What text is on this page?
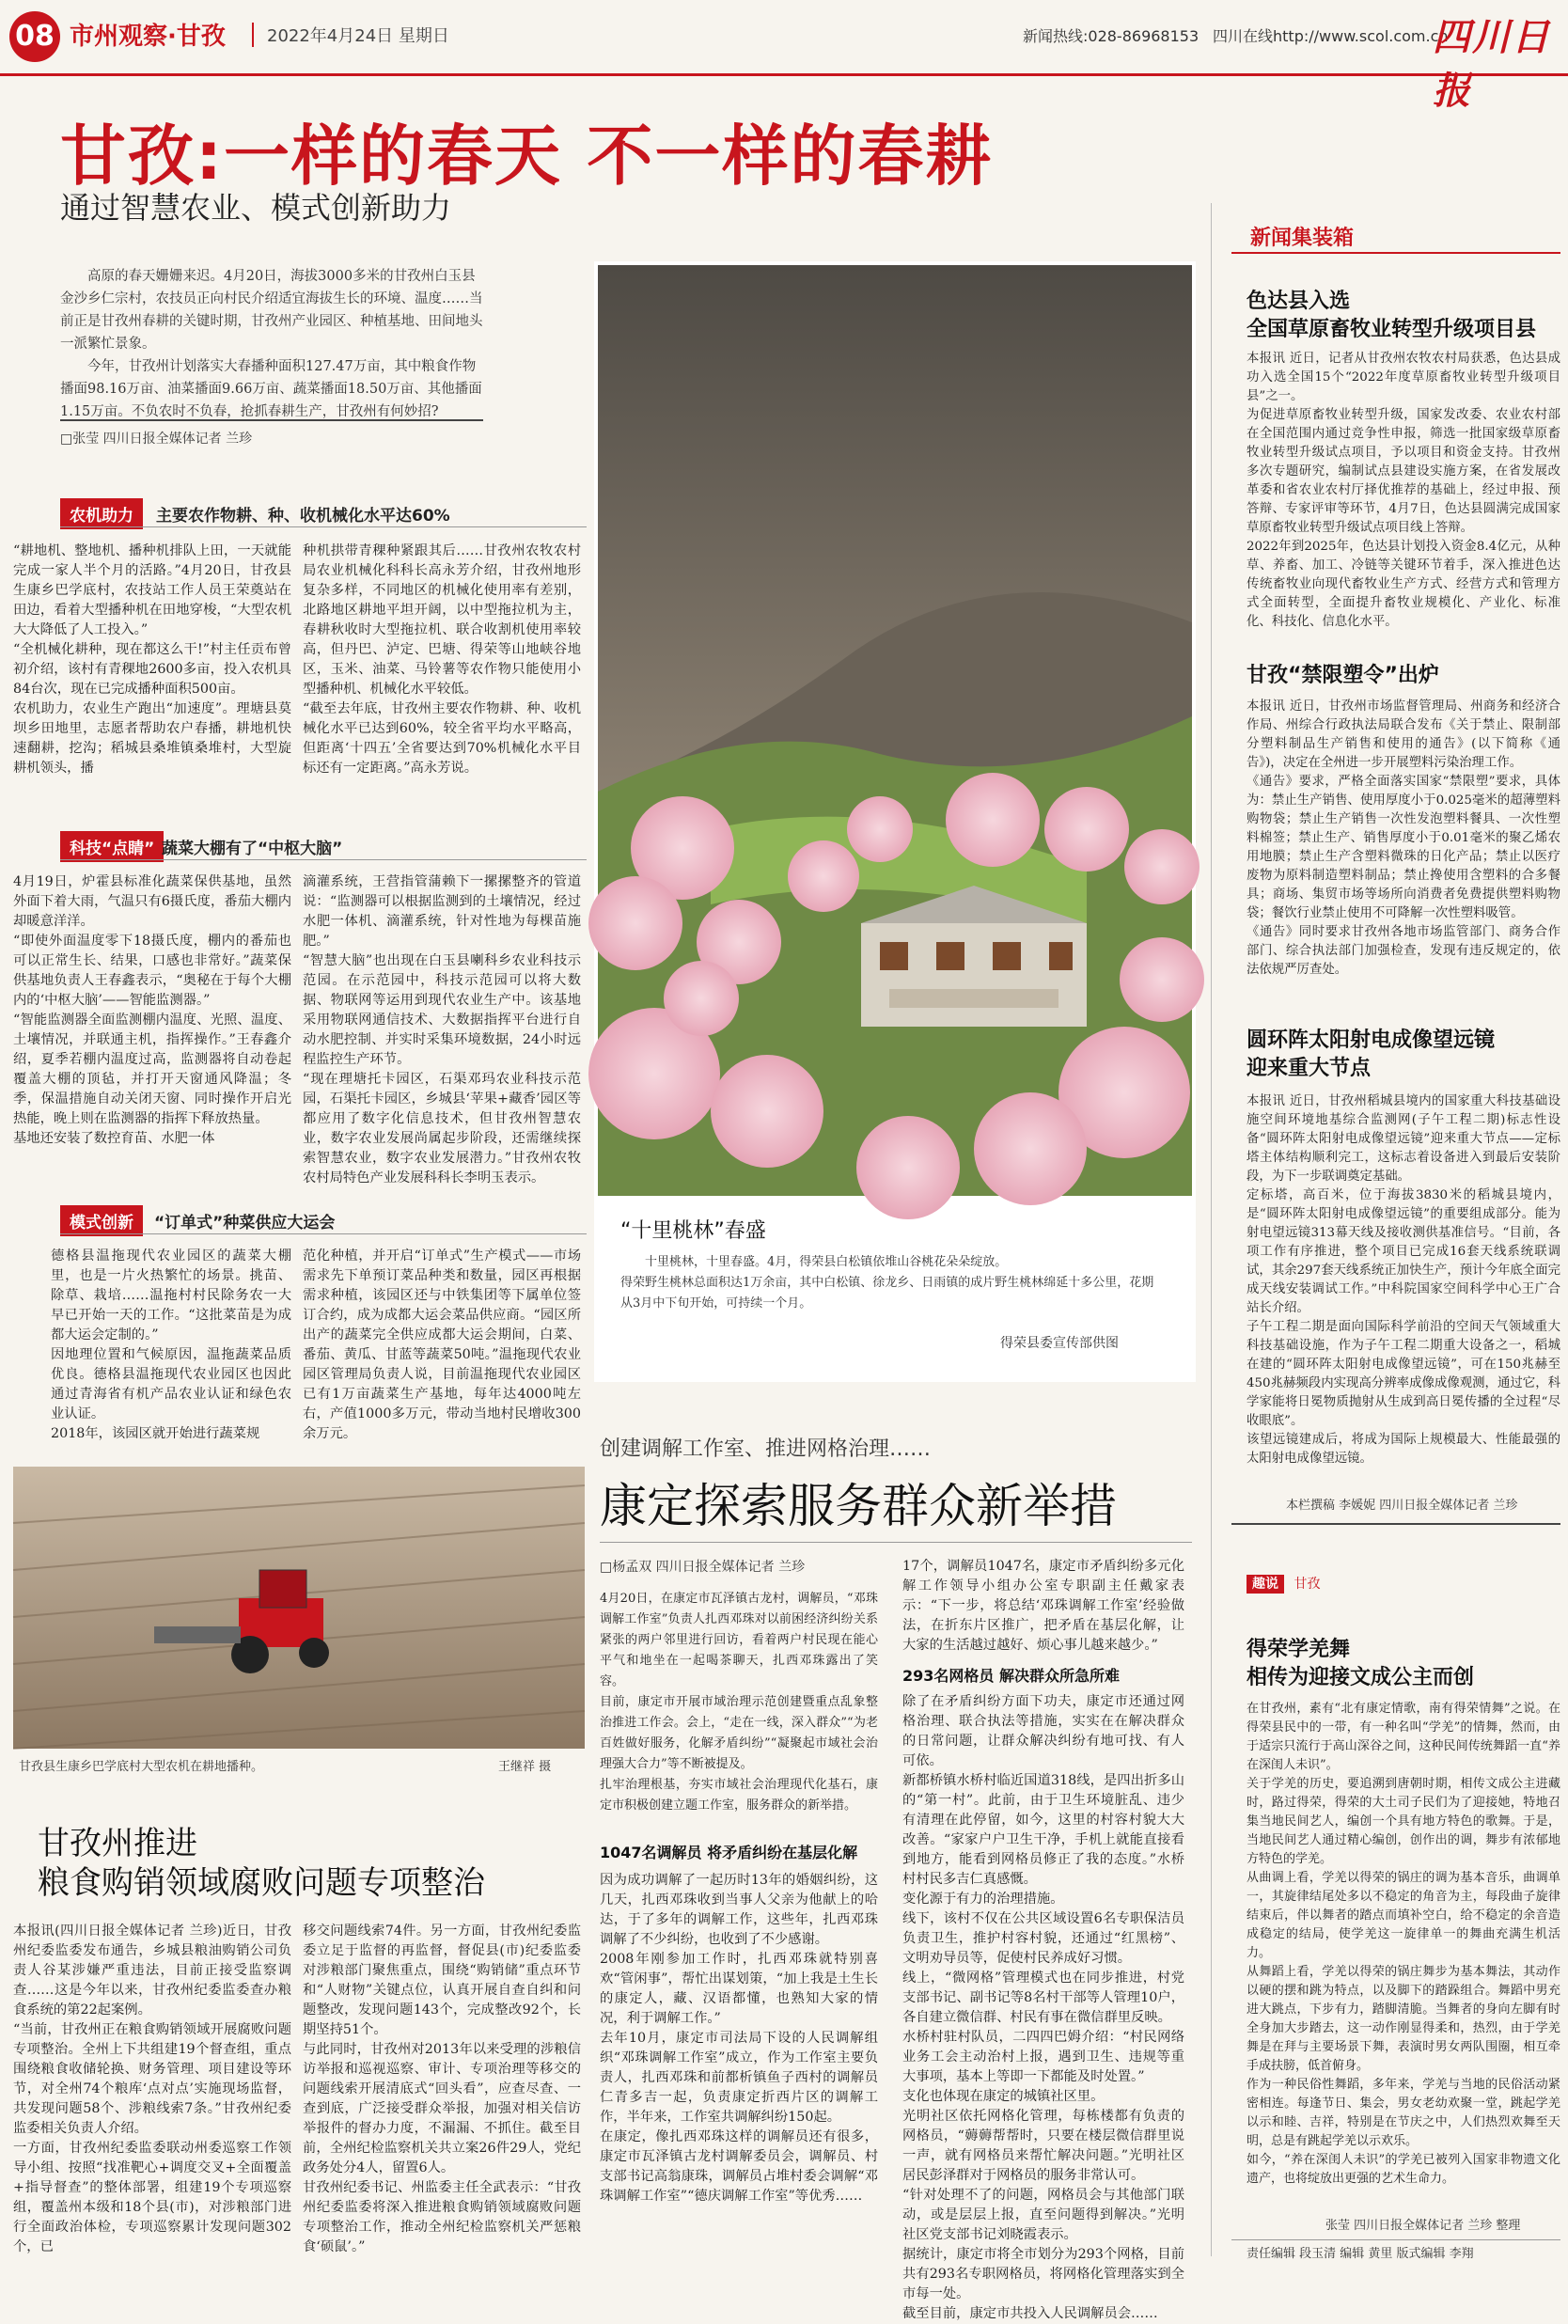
08 市州观察·甘孜	2022年4月24日 星期日	新闻热线:028-86968153 四川在线http://www.scol.com.cn
四川日报
甘孜:一样的春天 不一样的春耕
通过智慧农业、模式创新助力

高原的春天姗姗来迟。4月20日，海拔3000多米的甘孜州白玉县金沙乡仁宗村，农技员正向村民介绍适宜海拔生长的环境、温度……当前正是甘孜州春耕的关键时期，甘孜州产业园区、种植基地、田间地头一派繁忙景象。

今年，甘孜州计划落实大春播种面积127.47万亩，其中粮食作物播面98.16万亩、油菜播面9.66万亩、蔬菜播面18.50万亩、其他播面1.15万亩。不负农时不负春，抢抓春耕生产，甘孜州有何妙招?

□张莹 四川日报全媒体记者 兰珍
农机助力 主要农作物耕、种、收机械化水平达60%
“耕地机、整地机、播种机排队上田，一天就能完成一家人半个月的活路。”4月20日，甘孜县生康乡巴学底村，农技站工作人员王荣奠站在田边，看着大型播种机在田地穿梭，“大型农机大大降低了人工投入。”
“全机械化耕种，现在都这么干!”村主任贡布曾初介绍，该村有青稞地2600多亩，投入农机具84台次，现在已完成播种面积500亩。
农机助力，农业生产跑出“加速度”。理塘县莫坝乡田地里，志愿者帮助农户春播，耕地机快速翻耕，挖沟；稻城县桑堆镇桑堆村，大型旋耕机领头，播
种机拱带青稞种紧跟其后……甘孜州农牧农村局农业机械化科科长高永芳介绍，甘孜州地形复杂多样，不同地区的机械化使用率有差别，北路地区耕地平坦开阔，以中型拖拉机为主，春耕秋收时大型拖拉机、联合收割机使用率较高，但丹巴、泸定、巴塘、得荣等山地峡谷地区，玉米、油菜、马铃薯等农作物只能使用小型播种机、机械化水平较低。
“截至去年底，甘孜州主要农作物耕、种、收机械化水平已达到60%，较全省平均水平略高，但距离‘十四五’全省要达到70%机械化水平目标还有一定距离。”高永芳说。
科技“点睛” 蔬菜大棚有了“中枢大脑”
4月19日，炉霍县标准化蔬菜保供基地，虽然外面下着大雨，气温只有6摄氏度，番茄大棚内却暖意洋洋。
“即使外面温度零下18摄氏度，棚内的番茄也可以正常生长、结果，口感也非常好。”蔬菜保供基地负责人王春鑫表示，“奥秘在于每个大棚内的‘中枢大脑’——智能监测器。”
“智能监测器全面监测棚内温度、光照、温度、土壤情况，并联通主机，指挥操作。”王春鑫介绍，夏季若棚内温度过高，监测器将自动卷起覆盖大棚的顶毡，并打开天窗通风降温；冬季，保温措施自动关闭天窗、同时操作开启光热能，晚上则在监测器的指挥下释放热量。
基地还安装了数控育苗、水肥一体
滴灌系统，王营指管蒲赖下一摞摞整齐的管道说：“监测器可以根据监测到的土壤情况，经过水肥一体机、滴灌系统，针对性地为每棵苗施肥。”
“智慧大脑”也出现在白玉县喇科乡农业科技示范园。在示范园中，科技示范园可以将大数据、物联网等运用到现代农业生产中。该基地采用物联网通信技术、大数据指挥平台进行自动水肥控制、并实时采集环境数据，24小时远程监控生产环节。
“现在理塘托卡园区，石渠邓玛农业科技示范园，石渠托卡园区，乡城县‘苹果+藏香’园区等都应用了数字化信息技术，但甘孜州智慧农业，数字农业发展尚属起步阶段，还需继续探索智慧农业，数字农业发展潜力。”甘孜州农牧农村局特色产业发展科科长李明玉表示。
模式创新 “订单式”种菜供应大运会
德格县温拖现代农业园区的蔬菜大棚里，也是一片火热繁忙的场景。挑苗、除草、栽培……温拖村村民除务农一大早已开始一天的工作。“这批菜苗是为成都大运会定制的。”
因地理位置和气候原因，温拖蔬菜品质优良。德格县温拖现代农业园区也因此通过青海省有机产品农业认证和绿色农业认证。
2018年，该园区就开始进行蔬菜规
范化种植，并开启“订单式”生产模式——市场需求先下单预订菜品种类和数量，园区再根据需求种植，该园区还与中铁集团等下属单位签订合约，成为成都大运会菜品供应商。“园区所出产的蔬菜完全供应成都大运会期间，白菜、番茄、黄瓜、甘蓝等蔬菜50吨。”温拖现代农业园区管理局负责人说，目前温拖现代农业园区已有1万亩蔬菜生产基地，每年达4000吨左右，产值1000多万元，带动当地村民增收300余万元。
甘孜县生康乡巴学底村大型农机在耕地播种。	王继祥 摄
甘孜州推进
粮食购销领域腐败问题专项整治
本报讯(四川日报全媒体记者 兰珍)近日，甘孜州纪委监委发布通告，乡城县粮油购销公司负责人谷某涉嫌严重违法，目前正接受监察调查……这是今年以来，甘孜州纪委监委查办粮食系统的第22起案例。
“当前，甘孜州正在粮食购销领域开展腐败问题专项整治。全州上下共组建19个督查组，重点围绕粮食收储轮换、财务管理、项目建设等环节，对全州74个粮库‘点对点’实施现场监督，共发现问题58个、涉粮线索7条。”甘孜州纪委监委相关负责人介绍。
一方面，甘孜州纪委监委联动州委巡察工作领导小组、按照“找准靶心+调度交叉+全面覆盖+指导督查”的整体部署，组建19个专项巡察组，覆盖州本级和18个县(市)，对涉粮部门进行全面政治体检，专项巡察累计发现问题302个，已
移交问题线索74件。另一方面，甘孜州纪委监委立足于监督的再监督，督促县(市)纪委监委对涉粮部门聚焦重点，围绕“购销储”重点环节和“人财物”关键点位，认真开展自查自纠和问题整改，发现问题143个，完成整改92个，长期坚持51个。
与此同时，甘孜州对2013年以来受理的涉粮信访举报和巡视巡察、审计、专项治理等移交的问题线索开展清底式“回头看”，应查尽查、一查到底，广泛接受群众举报，加强对相关信访举报件的督办力度，不漏漏、不抓住。截至目前，全州纪检监察机关共立案26件29人，党纪政务处分4人，留置6人。
甘孜州纪委书记、州监委主任全武表示：“甘孜州纪委监委将深入推进粮食购销领域腐败问题专项整治工作，推动全州纪检监察机关严惩粮食‘硕鼠’。”
“十里桃林”春盛
十里桃林，十里春盛。4月，得荣县白松镇依堆山谷桃花朵朵绽放。
得荣野生桃林总面积达1万余亩，其中白松镇、徐龙乡、日雨镇的成片野生桃林绵延十多公里，花期从3月中下旬开始，可持续一个月。
得荣县委宣传部供图
创建调解工作室、推进网格治理……
康定探索服务群众新举措
□杨孟双 四川日报全媒体记者 兰珍
4月20日，在康定市瓦泽镇古龙村，调解员，“邓珠调解工作室”负责人扎西邓珠对以前困经济纠纷关系紧张的两户邻里进行回访，看着两户村民现在能心平气和地坐在一起喝茶聊天，扎西邓珠露出了笑容。
目前，康定市开展市域治理示范创建暨重点乱象整治推进工作会。会上，“走在一线，深入群众”“为老百姓做好服务，化解矛盾纠纷”“凝聚起市域社会治理强大合力”等不断被提及。
扎牢治理根基，夯实市域社会治理现代化基石，康定市积极创建立题工作室，服务群众的新举措。
1047名调解员 将矛盾纠纷在基层化解
因为成功调解了一起历时13年的婚姻纠纷，这几天，扎西邓珠收到当事人父亲为他献上的哈达，于了多年的调解工作，这些年，扎西邓珠调解了不少纠纷，也收到了不少感谢。
2008年刚参加工作时，扎西邓珠就特别喜欢“管闲事”，帮忙出谋划策，“加上我是土生长的康定人，藏、汉语都懂，也熟知大家的情况，利于调解工作。”
去年10月，康定市司法局下设的人民调解组织“邓珠调解工作室”成立，作为工作室主要负责人，扎西邓珠和前都析镇鱼子西村的调解员仁青多吉一起，负责康定折西片区的调解工作，半年来，工作室共调解纠纷150起。
在康定，像扎西邓珠这样的调解员还有很多，康定市瓦泽镇古龙村调解委员会，调解员、村支部书记高翁康珠，调解员占堆村委会调解“邓珠调解工作室”“德庆调解工作室”等优秀……
17个，调解员1047名，康定市矛盾纠纷多元化解工作领导小组办公室专职副主任戴家表示：“下一步，将总结‘邓珠调解工作室’经验做法，在折东片区推广，把矛盾在基层化解，让大家的生活越过越好、烦心事儿越来越少。”
293名网格员 解决群众所急所难
除了在矛盾纠纷方面下功夫，康定市还通过网格治理、联合执法等措施，实实在在解决群众的日常问题，让群众解决纠纷有地可找、有人可依。
新都桥镇水桥村临近国道318线，是四出折多山的“第一村”。此前，由于卫生环境脏乱、违少有清理在此停留，如今，这里的村容村貌大大改善。“家家户户卫生干净，手机上就能直接看到地方，能看到网格员修正了我的态度。”水桥村村民多吉仁真感慨。
变化源于有力的治理措施。
线下，该村不仅在公共区域设置6名专职保洁员负责卫生，推护村容村貌，还通过“红黑榜”、文明劝导员等，促使村民养成好习惯。
线上，“微网格”管理模式也在同步推进，村党支部书记、副书记等8名村干部等人管理10户，各自建立微信群、村民有事在微信群里反映。
水桥村驻村队员，二四四巴姆介绍：“村民网络业务工会主动治村上报，遇到卫生、违规等重大事项，基本上等即一下都能及时处置。”
支化也体现在康定的城镇社区里。
光明社区依托网格化管理，每栋楼都有负责的网格员，“薅薅帮帮时，只要在楼层微信群里说一声，就有网格员来帮忙解决问题。”光明社区居民彭泽群对于网格员的服务非常认可。
“针对处理不了的问题，网格员会与其他部门联动，或是层层上报，直至问题得到解决。”光明社区党支部书记刘晓霞表示。
据统计，康定市将全市划分为293个网格，目前共有293名专职网格员，将网格化管理落实到全市每一处。
截至目前，康定市共投入人民调解员会……
新闻集装箱
色达县入选
全国草原畜牧业转型升级项目县
本报讯 近日，记者从甘孜州农牧农村局获悉，色达县成功入选全国15个“2022年度草原畜牧业转型升级项目县”之一。
为促进草原畜牧业转型升级，国家发改委、农业农村部在全国范围内通过竞争性申报，筛选一批国家级草原畜牧业转型升级试点项目，予以项目和资金支持。甘孜州多次专题研究，编制试点县建设实施方案，在省发展改革委和省农业农村厅择优推荐的基础上，经过申报、预答辩、专家评审等环节，4月7日，色达县圆满完成国家草原畜牧业转型升级试点项目线上答辩。
2022年到2025年，色达县计划投入资金8.4亿元，从种草、养畜、加工、冷链等关键环节着手，深入推进色达传统畜牧业向现代畜牧业生产方式、经营方式和管理方式全面转型，全面提升畜牧业规模化、产业化、标准化、科技化、信息化水平。
甘孜“禁限塑令”出炉
本报讯 近日，甘孜州市场监督管理局、州商务和经济合作局、州综合行政执法局联合发布《关于禁止、限制部分塑料制品生产销售和使用的通告》(以下简称《通告》)，决定在全州进一步开展塑料污染治理工作。
《通告》要求，严格全面落实国家“禁限塑”要求，具体为：禁止生产销售、使用厚度小于0.025毫米的超薄塑料购物袋；禁止生产销售一次性发泡塑料餐具、一次性塑料棉签；禁止生产、销售厚度小于0.01毫米的聚乙烯农用地膜；禁止生产含塑料微珠的日化产品；禁止以医疗废物为原料制造塑料制品；禁止搀使用含塑料的合多餐具；商场、集贸市场等场所向消费者免费提供塑料购物袋；餐饮行业禁止使用不可降解一次性塑料吸管。
《通告》同时要求甘孜州各地市场监管部门、商务合作部门、综合执法部门加强检查，发现有违反规定的，依法依规严厉查处。
圆环阵太阳射电成像望远镜
迎来重大节点
本报讯 近日，甘孜州稻城县境内的国家重大科技基础设施空间环境地基综合监测网(子午工程二期)标志性设备“圆环阵太阳射电成像望远镜”迎来重大节点——定标塔主体结构顺利完工，这标志着设备进入到最后安装阶段，为下一步联调奠定基础。
定标塔，高百米，位于海拔3830米的稻城县境内，是“圆环阵太阳射电成像望远镜”的重要组成部分。能为射电望远镜313幕天线及接收测供基准信号。“目前，各项工作有序推进，整个项目已完成16套天线系统联调试，其余297套天线系统正加快生产，预计今年底全面完成天线安装调试工作。”中科院国家空间科学中心王广合站长介绍。
子午工程二期是面向国际科学前沿的空间天气领域重大科技基础设施，作为子午工程二期重大设备之一，稻城在建的“圆环阵太阳射电成像望远镜”，可在150兆赫至450兆赫频段内实现高分辨率成像成像观测，通过它，科学家能将日冕物质抛射从生成到高日冕传播的全过程“尽收眼底”。
该望远镜建成后，将成为国际上规模最大、性能最强的太阳射电成像望远镜。
本栏撰稿 李媛妮 四川日报全媒体记者 兰珍
趣说 甘孜
得荣学羌舞
相传为迎接文成公主而创
在甘孜州，素有“北有康定情歌，南有得荣情舞”之说。在得荣县民中的一带，有一种名叫“学羌”的情舞，然而，由于适宗只流行于高山深谷之间，这种民间传统舞蹈一直“养在深闺人未识”。
关于学羌的历史，要追溯到唐朝时期，相传文成公主进藏时，路过得荣，得荣的大土司子民们为了迎接她，特地召集当地民间艺人，编创一个具有地方特色的歌舞。于是，当地民间艺人通过精心编创，创作出的调，舞步有浓郁地方特色的学羌。
从曲调上看，学羌以得荣的锅庄的调为基本音乐，曲调单一，其旋律结尾处多以不稳定的角音为主，每段曲子旋律结束后，伴以舞者的踏点而填补空白，给不稳定的余音造成稳定的结局，使学羌这一旋律单一的舞曲充满生机活力。
从舞蹈上看，学羌以得荣的锅庄舞步为基本舞法，其动作以硬的摆和跳为特点，以及脚下的踏跺组合。舞蹈中男充进大跳点，下步有力，踏脚清脆。当舞者的身向左脚有时全身加大步踏去，这一动作刚显得柔和，热烈，由于学羌舞是在拜与主要场景下舞，表演时男女两队围圈，相互牵手成扶膀，低首俯身。
作为一种民俗性舞蹈，多年来，学羌与当地的民俗活动紧密相连。每逢节日、集会，男女老幼欢聚一堂，跳起学羌以示和睦、吉祥，特别是在节庆之中，人们热烈欢舞至天明，总是有跳起学羌以示欢乐。
如今，“养在深闺人未识”的学羌已被列入国家非物遗文化遗产，也将绽放出更强的艺术生命力。
张莹 四川日报全媒体记者 兰珍 整理
责任编辑 段玉清 编辑 黄里 版式编辑 李翔
